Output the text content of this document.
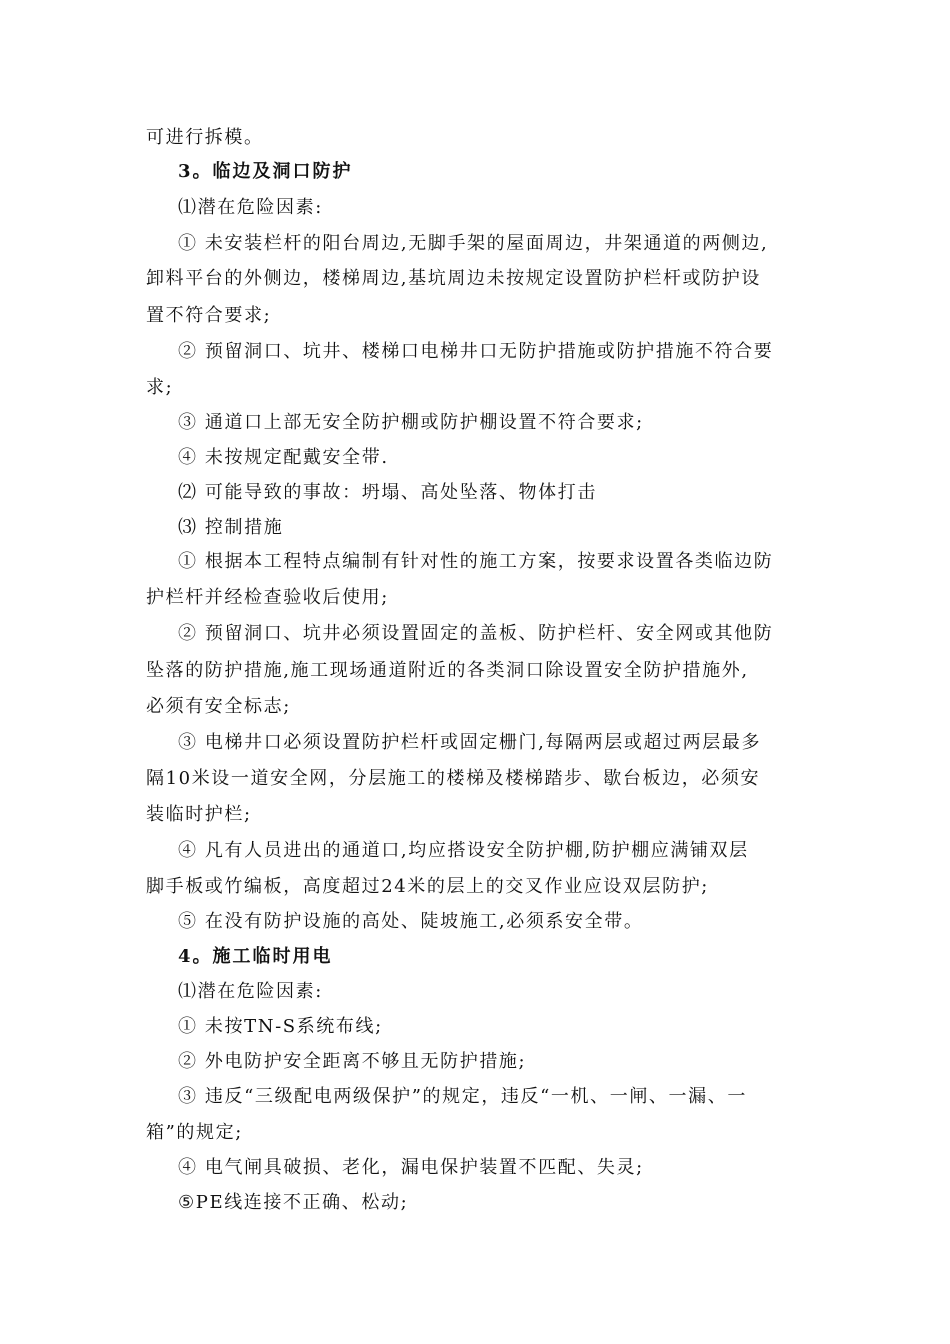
可进行拆模。
3。临边及洞口防护
⑴潜在危险因素:
① 未安装栏杆的阳台周边,无脚手架的屋面周边，井架通道的两侧边,
卸料平台的外侧边，楼梯周边,基坑周边未按规定设置防护栏杆或防护设
置不符合要求;
② 预留洞口、坑井、楼梯口电梯井口无防护措施或防护措施不符合要
求;
③ 通道口上部无安全防护棚或防护棚设置不符合要求;
④ 未按规定配戴安全带.
⑵ 可能导致的事故：坍塌、高处坠落、物体打击
⑶ 控制措施
① 根据本工程特点编制有针对性的施工方案，按要求设置各类临边防
护栏杆并经检查验收后使用;
② 预留洞口、坑井必须设置固定的盖板、防护栏杆、安全网或其他防
坠落的防护措施,施工现场通道附近的各类洞口除设置安全防护措施外,
必须有安全标志;
③ 电梯井口必须设置防护栏杆或固定栅门,每隔两层或超过两层最多
隔10米设一道安全网，分层施工的楼梯及楼梯踏步、歇台板边，必须安
装临时护栏;
④ 凡有人员进出的通道口,均应搭设安全防护棚,防护棚应满铺双层
脚手板或竹编板，高度超过24米的层上的交叉作业应设双层防护;
⑤ 在没有防护设施的高处、陡坡施工,必须系安全带。
4。施工临时用电
⑴潜在危险因素:
① 未按TN-S系统布线;
② 外电防护安全距离不够且无防护措施;
③ 违反“三级配电两级保护”的规定，违反“一机、一闸、一漏、一
箱”的规定;
④ 电气闸具破损、老化，漏电保护装置不匹配、失灵;
⑤PE线连接不正确、松动;
